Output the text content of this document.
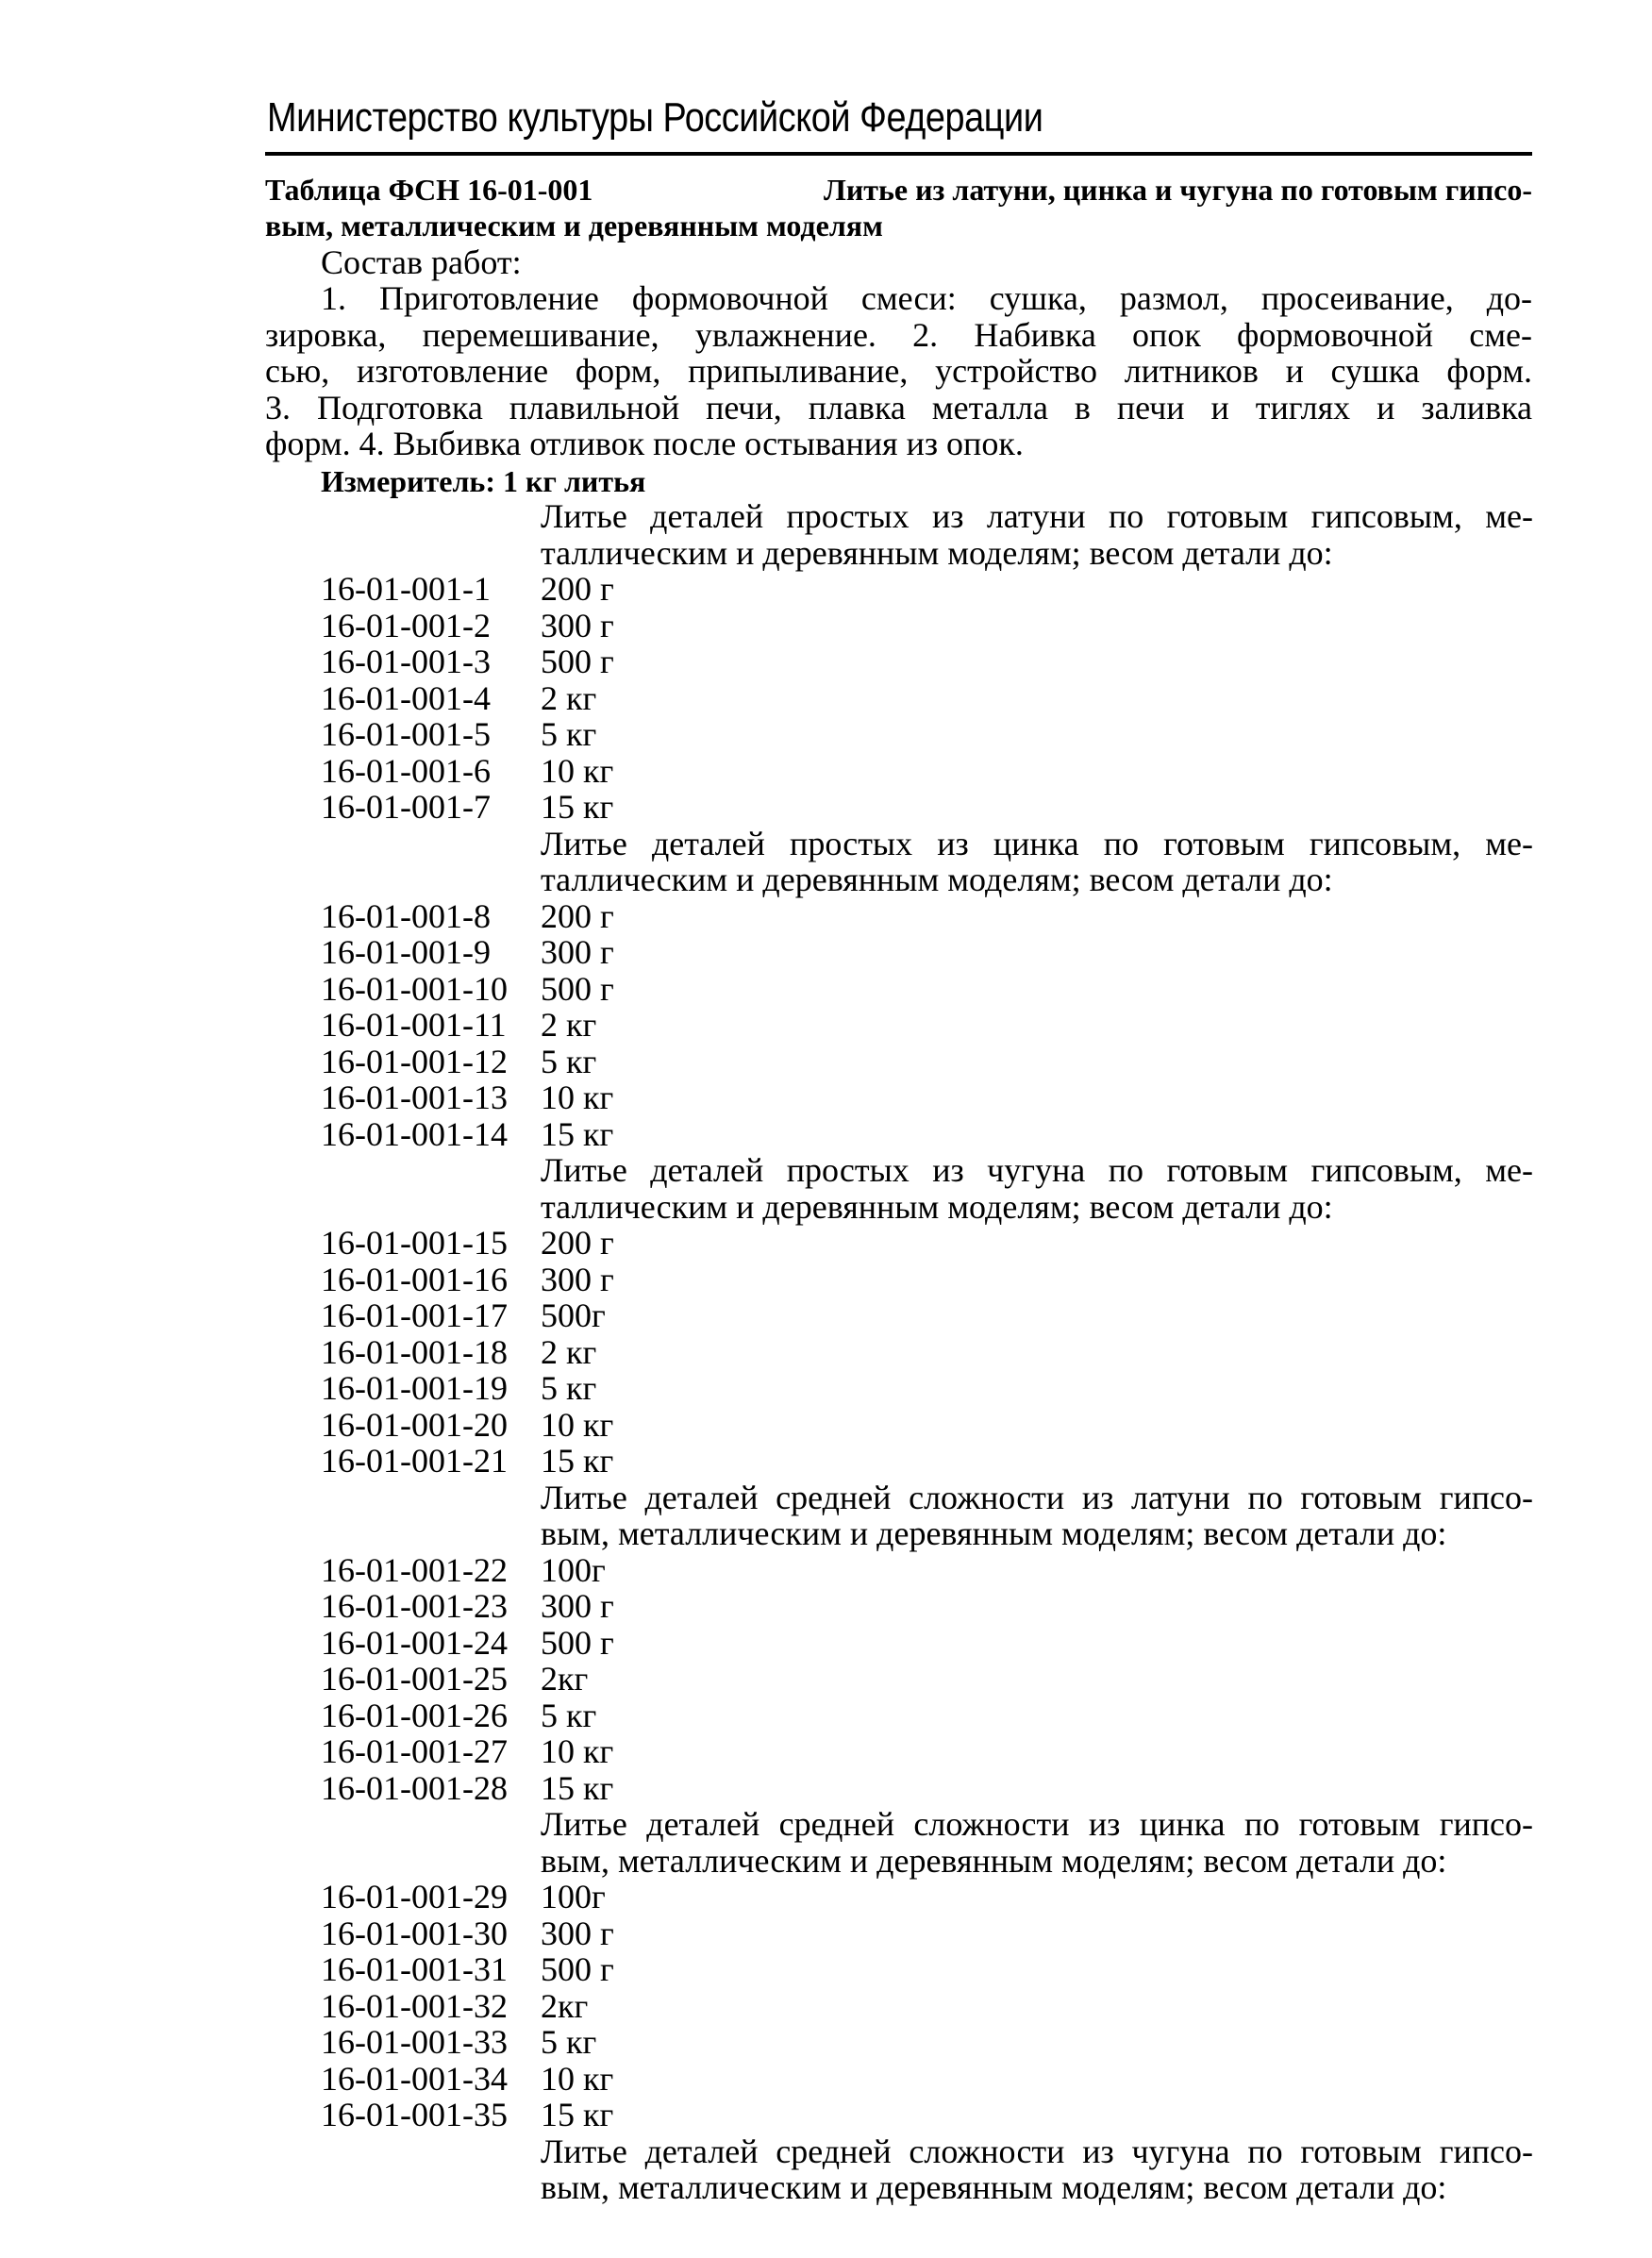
Министерство культуры Российской Федерации
Таблица ФСН 16-01-001	Литье из латуни, цинка и чугуна по готовым гипсо-
вым, металлическим и деревянным моделям
Состав работ:
1. Приготовление формовочной смеси: сушка, размол, просеивание, до-
зировка, перемешивание, увлажнение. 2. Набивка опок формовочной сме-
сью, изготовление форм, припыливание, устройство литников и сушка форм.
3. Подготовка плавильной печи, плавка металла в печи и тиглях и заливка
форм. 4. Выбивка отливок после остывания из опок.
Измеритель: 1 кг литья
Литье деталей простых из латуни по готовым гипсовым, ме-
таллическим и деревянным моделям; весом детали до:
16-01-001-1 200 г
16-01-001-2 300 г
16-01-001-3 500 г
16-01-001-4 2 кг
16-01-001-5 5 кг
16-01-001-6 10 кг
16-01-001-7 15 кг
Литье деталей простых из цинка по готовым гипсовым, ме-
таллическим и деревянным моделям; весом детали до:
16-01-001-8 200 г
16-01-001-9 300 г
16-01-001-10 500 г
16-01-001-11 2 кг
16-01-001-12 5 кг
16-01-001-13 10 кг
16-01-001-14 15 кг
Литье деталей простых из чугуна по готовым гипсовым, ме-
таллическим и деревянным моделям; весом детали до:
16-01-001-15 200 г
16-01-001-16 300 г
16-01-001-17 500г
16-01-001-18 2 кг
16-01-001-19 5 кг
16-01-001-20 10 кг
16-01-001-21 15 кг
Литье деталей средней сложности из латуни по готовым гипсо-
вым, металлическим и деревянным моделям; весом детали до:
16-01-001-22 100г
16-01-001-23 300 г
16-01-001-24 500 г
16-01-001-25 2кг
16-01-001-26 5 кг
16-01-001-27 10 кг
16-01-001-28 15 кг
Литье деталей средней сложности из цинка по готовым гипсо-
вым, металлическим и деревянным моделям; весом детали до:
16-01-001-29 100г
16-01-001-30 300 г
16-01-001-31 500 г
16-01-001-32 2кг
16-01-001-33 5 кг
16-01-001-34 10 кг
16-01-001-35 15 кг
Литье деталей средней сложности из чугуна по готовым гипсо-
вым, металлическим и деревянным моделям; весом детали до:
